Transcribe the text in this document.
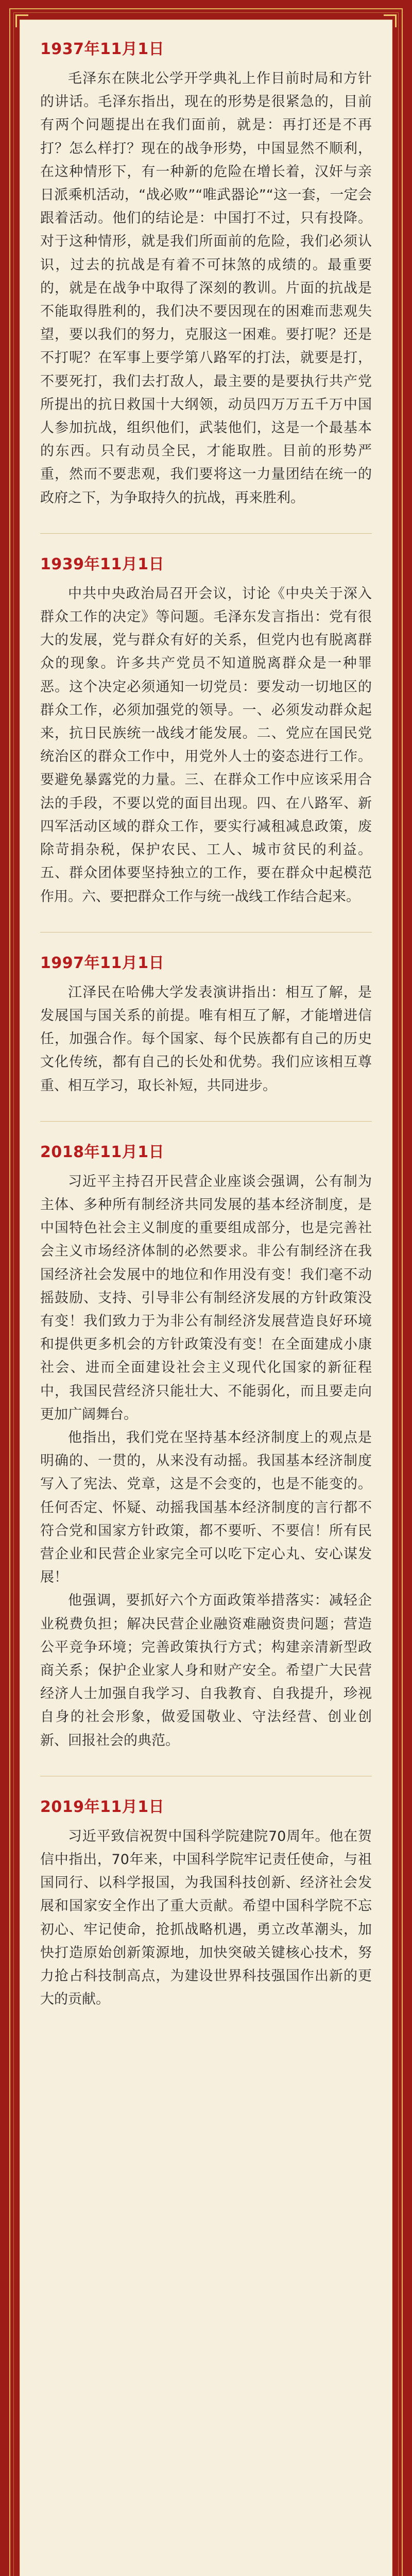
1937年11月1日

毛泽东在陕北公学开学典礼上作目前时局和方针的讲话。毛泽东指出，现在的形势是很紧急的，目前有两个问题提出在我们面前，就是：再打还是不再打？怎么样打？现在的战争形势，中国显然不顺利，在这种情形下，有一种新的危险在增长着，汉奸与亲日派乘机活动，“战必败”“唯武器论”“这一套，一定会跟着活动。他们的结论是：中国打不过，只有投降。对于这种情形，就是我们所面前的危险，我们必须认识，过去的抗战是有着不可抹煞的成绩的。最重要的，就是在战争中取得了深刻的教训。片面的抗战是不能取得胜利的，我们决不要因现在的困难而悲观失望，要以我们的努力，克服这一困难。要打呢？还是不打呢？在军事上要学第八路军的打法，就要是打，不要死打，我们去打敌人，最主要的是要执行共产党所提出的抗日救国十大纲领，动员四万万五千万中国人参加抗战，组织他们，武装他们，这是一个最基本的东西。只有动员全民，才能取胜。目前的形势严重，然而不要悲观，我们要将这一力量团结在统一的政府之下，为争取持久的抗战，再来胜利。

1939年11月1日

中共中央政治局召开会议，讨论《中央关于深入群众工作的决定》等问题。毛泽东发言指出：党有很大的发展，党与群众有好的关系，但党内也有脱离群众的现象。许多共产党员不知道脱离群众是一种罪恶。这个决定必须通知一切党员：要发动一切地区的群众工作，必须加强党的领导。一、必须发动群众起来，抗日民族统一战线才能发展。二、党应在国民党统治区的群众工作中，用党外人士的姿态进行工作。要避免暴露党的力量。三、在群众工作中应该采用合法的手段，不要以党的面目出现。四、在八路军、新四军活动区域的群众工作，要实行减租减息政策，废除苛捐杂税，保护农民、工人、城市贫民的利益。五、群众团体要坚持独立的工作，要在群众中起模范作用。六、要把群众工作与统一战线工作结合起来。

1997年11月1日

江泽民在哈佛大学发表演讲指出：相互了解，是发展国与国关系的前提。唯有相互了解，才能增进信任，加强合作。每个国家、每个民族都有自己的历史文化传统，都有自己的长处和优势。我们应该相互尊重、相互学习，取长补短，共同进步。

2018年11月1日

习近平主持召开民营企业座谈会强调，公有制为主体、多种所有制经济共同发展的基本经济制度，是中国特色社会主义制度的重要组成部分，也是完善社会主义市场经济体制的必然要求。非公有制经济在我国经济社会发展中的地位和作用没有变！我们毫不动摇鼓励、支持、引导非公有制经济发展的方针政策没有变！我们致力于为非公有制经济发展营造良好环境和提供更多机会的方针政策没有变！在全面建成小康社会、进而全面建设社会主义现代化国家的新征程中，我国民营经济只能壮大、不能弱化，而且要走向更加广阔舞台。

他指出，我们党在坚持基本经济制度上的观点是明确的、一贯的，从来没有动摇。我国基本经济制度写入了宪法、党章，这是不会变的，也是不能变的。任何否定、怀疑、动摇我国基本经济制度的言行都不符合党和国家方针政策，都不要听、不要信！所有民营企业和民营企业家完全可以吃下定心丸、安心谋发展！

他强调，要抓好六个方面政策举措落实：减轻企业税费负担；解决民营企业融资难融资贵问题；营造公平竞争环境；完善政策执行方式；构建亲清新型政商关系；保护企业家人身和财产安全。希望广大民营经济人士加强自我学习、自我教育、自我提升，珍视自身的社会形象，做爱国敬业、守法经营、创业创新、回报社会的典范。

2019年11月1日

习近平致信祝贺中国科学院建院70周年。他在贺信中指出，70年来，中国科学院牢记责任使命，与祖国同行、以科学报国，为我国科技创新、经济社会发展和国家安全作出了重大贡献。希望中国科学院不忘初心、牢记使命，抢抓战略机遇，勇立改革潮头，加快打造原始创新策源地，加快突破关键核心技术，努力抢占科技制高点，为建设世界科技强国作出新的更大的贡献。
